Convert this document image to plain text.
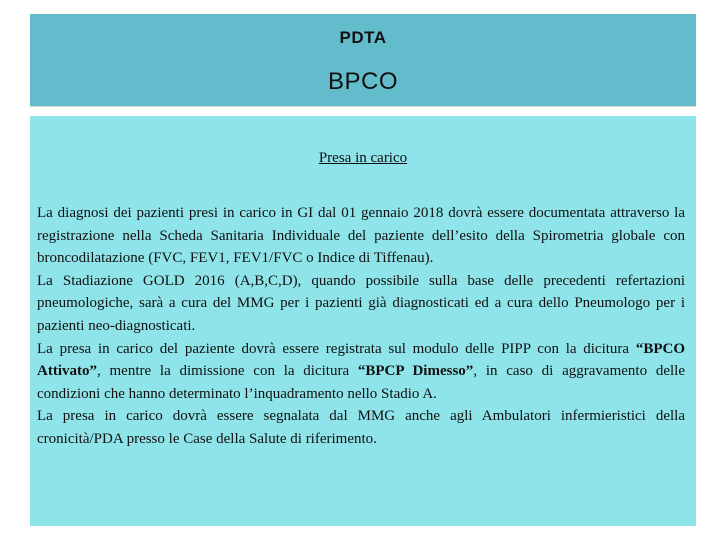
PDTA
BPCO
Presa in carico

La diagnosi dei pazienti presi in carico in GI dal 01 gennaio 2018 dovrà essere documentata attraverso la registrazione nella Scheda Sanitaria Individuale del paziente dell’esito della Spirometria globale con broncodilatazione (FVC, FEV1, FEV1/FVC o Indice di Tiffenau).

La Stadiazione GOLD 2016 (A,B,C,D), quando possibile sulla base delle precedenti refertazioni pneumologiche, sarà a cura del MMG per i pazienti già diagnosticati ed a cura dello Pneumologo per i pazienti neo-diagnosticati.

La presa in carico del paziente dovrà essere registrata sul modulo delle PIPP con la dicitura “BPCO Attivato”, mentre la dimissione con la dicitura “BPCP Dimesso”, in caso di aggravamento delle condizioni che hanno determinato l’inquadramento nello Stadio A.

La presa in carico dovrà essere segnalata dal MMG anche agli Ambulatori infermieristici della cronicità/PDA presso le Case della Salute di riferimento.
